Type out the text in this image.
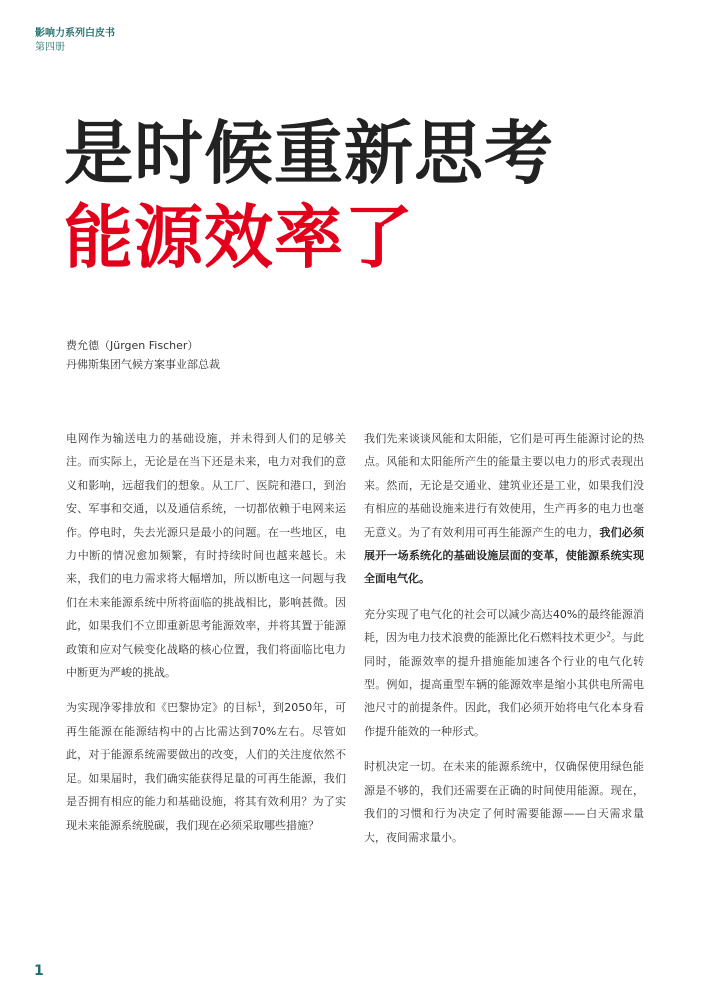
影响力系列白皮书
第四册
是时候重新思考
能源效率了
费允德（Jürgen Fischer）
丹佛斯集团气候方案事业部总裁

电网作为输送电力的基础设施，并未得到人们的足够关注。而实际上，无论是在当下还是未来，电力对我们的意义和影响，远超我们的想象。从工厂、医院和港口，到治安、军事和交通，以及通信系统，一切都依赖于电网来运作。停电时，失去光源只是最小的问题。在一些地区，电力中断的情况愈加频繁，有时持续时间也越来越长。未来，我们的电力需求将大幅增加，所以断电这一问题与我们在未来能源系统中所将面临的挑战相比，影响甚微。因此，如果我们不立即重新思考能源效率，并将其置于能源政策和应对气候变化战略的核心位置，我们将面临比电力中断更为严峻的挑战。

为实现净零排放和《巴黎协定》的目标$^1$，到2050年，可再生能源在能源结构中的占比需达到70%左右。尽管如此，对于能源系统需要做出的改变，人们的关注度依然不足。如果届时，我们确实能获得足量的可再生能源，我们是否拥有相应的能力和基础设施，将其有效利用？为了实现未来能源系统脱碳，我们现在必须采取哪些措施？

我们先来谈谈风能和太阳能，它们是可再生能源讨论的热点。风能和太阳能所产生的能量主要以电力的形式表现出来。然而，无论是交通业、建筑业还是工业，如果我们没有相应的基础设施来进行有效使用，生产再多的电力也毫无意义。为了有效利用可再生能源产生的电力，我们必须展开一场系统化的基础设施层面的变革，使能源系统实现全面电气化。

充分实现了电气化的社会可以减少高达40%的最终能源消耗，因为电力技术浪费的能源比化石燃料技术更少$^2$。与此同时，能源效率的提升措施能加速各个行业的电气化转型。例如，提高重型车辆的能源效率是缩小其供电所需电池尺寸的前提条件。因此，我们必须开始将电气化本身看作提升能效的一种形式。

时机决定一切。在未来的能源系统中，仅确保使用绿色能源是不够的，我们还需要在正确的时间使用能源。现在，我们的习惯和行为决定了何时需要能源——白天需求量大，夜间需求量小。

1
